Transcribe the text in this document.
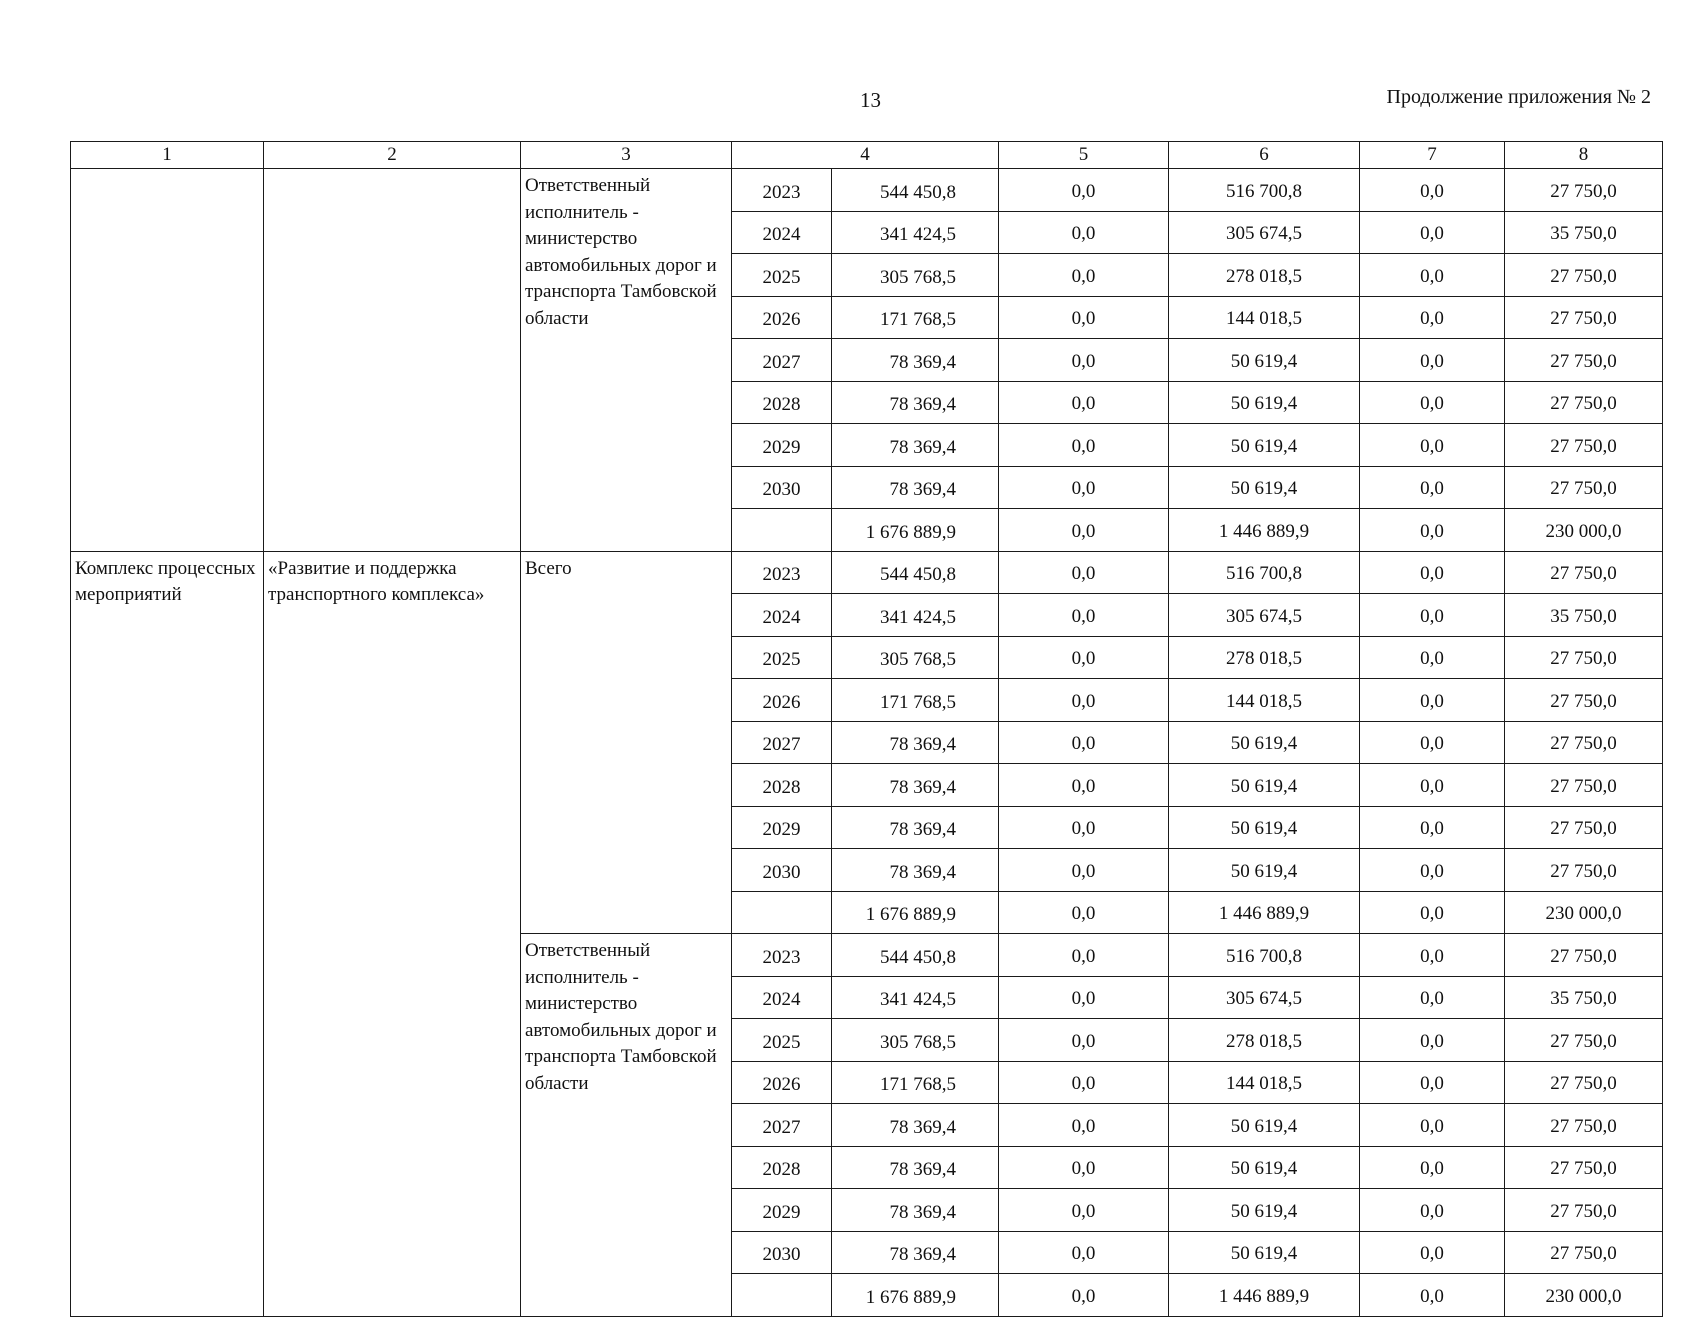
13	Продолжение приложения № 2
1	2	3	4		5	6	7	8
		Ответственный исполнитель - министерство автомобильных дорог и транспорта Тамбовской области	2023	544 450,8	0,0	516 700,8	0,0	27 750,0
			2024	341 424,5	0,0	305 674,5	0,0	35 750,0
			2025	305 768,5	0,0	278 018,5	0,0	27 750,0
			2026	171 768,5	0,0	144 018,5	0,0	27 750,0
			2027	78 369,4	0,0	50 619,4	0,0	27 750,0
			2028	78 369,4	0,0	50 619,4	0,0	27 750,0
			2029	78 369,4	0,0	50 619,4	0,0	27 750,0
			2030	78 369,4	0,0	50 619,4	0,0	27 750,0
				1 676 889,9	0,0	1 446 889,9	0,0	230 000,0
Комплекс процессных мероприятий	«Развитие и поддержка транспортного комплекса»	Всего	2023	544 450,8	0,0	516 700,8	0,0	27 750,0
			2024	341 424,5	0,0	305 674,5	0,0	35 750,0
			2025	305 768,5	0,0	278 018,5	0,0	27 750,0
			2026	171 768,5	0,0	144 018,5	0,0	27 750,0
			2027	78 369,4	0,0	50 619,4	0,0	27 750,0
			2028	78 369,4	0,0	50 619,4	0,0	27 750,0
			2029	78 369,4	0,0	50 619,4	0,0	27 750,0
			2030	78 369,4	0,0	50 619,4	0,0	27 750,0
				1 676 889,9	0,0	1 446 889,9	0,0	230 000,0
		Ответственный исполнитель - министерство автомобильных дорог и транспорта Тамбовской области	2023	544 450,8	0,0	516 700,8	0,0	27 750,0
			2024	341 424,5	0,0	305 674,5	0,0	35 750,0
			2025	305 768,5	0,0	278 018,5	0,0	27 750,0
			2026	171 768,5	0,0	144 018,5	0,0	27 750,0
			2027	78 369,4	0,0	50 619,4	0,0	27 750,0
			2028	78 369,4	0,0	50 619,4	0,0	27 750,0
			2029	78 369,4	0,0	50 619,4	0,0	27 750,0
			2030	78 369,4	0,0	50 619,4	0,0	27 750,0
				1 676 889,9	0,0	1 446 889,9	0,0	230 000,0
